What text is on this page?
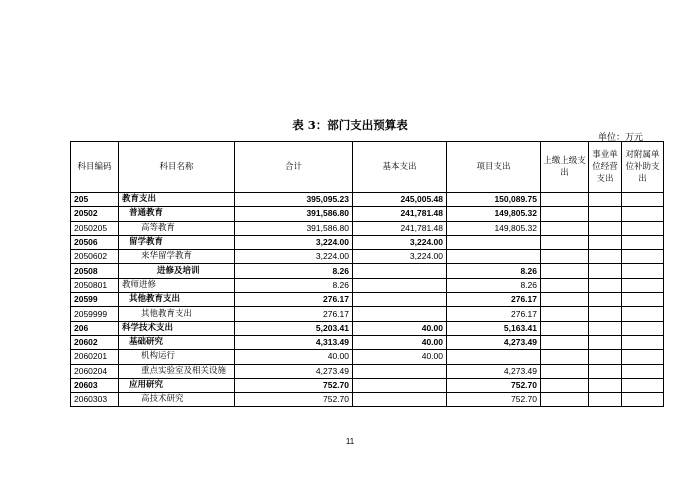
表 3：部门支出预算表
单位：万元
科目编码	科目名称	合计	基本支出	项目支出	上缴上级支出	事业单位经营支出	对附属单位补助支出
205	教育支出	395,095.23	245,005.48	150,089.75			
20502	普通教育	391,586.80	241,781.48	149,805.32			
2050205	高等教育	391,586.80	241,781.48	149,805.32			
20506	留学教育	3,224.00	3,224.00				
2050602	来华留学教育	3,224.00	3,224.00				
20508	进修及培训	8.26		8.26			
2050801	教师进修	8.26		8.26			
20599	其他教育支出	276.17		276.17			
2059999	其他教育支出	276.17		276.17			
206	科学技术支出	5,203.41	40.00	5,163.41			
20602	基础研究	4,313.49	40.00	4,273.49			
2060201	机构运行	40.00	40.00				
2060204	重点实验室及相关设施	4,273.49		4,273.49			
20603	应用研究	752.70		752.70			
2060303	高技术研究	752.70		752.70			
11
